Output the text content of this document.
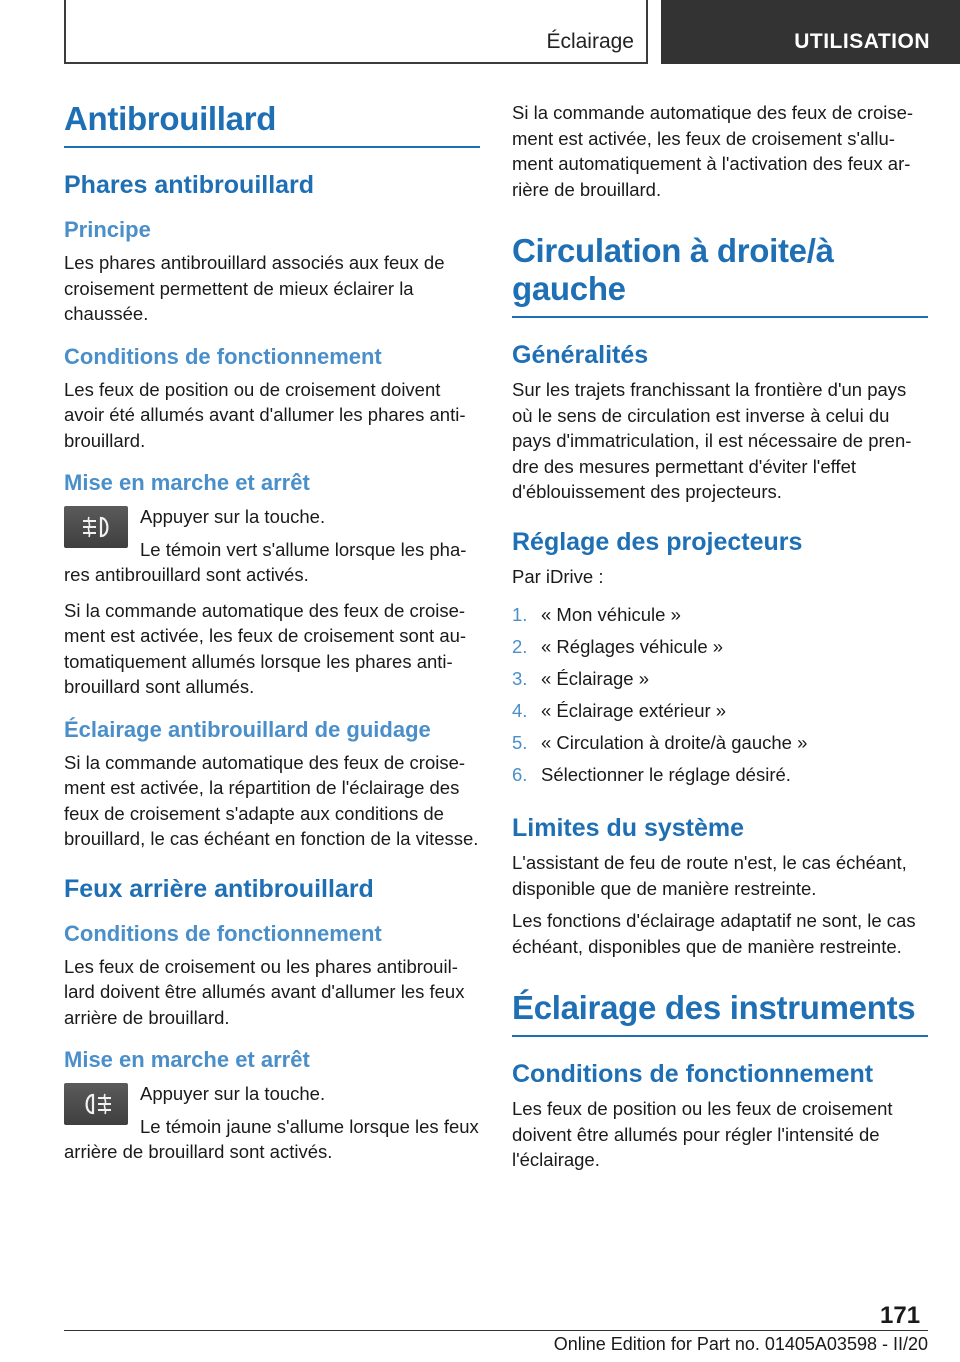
Éclairage	UTILISATION
Antibrouillard
Phares antibrouillard
Principe

Les phares antibrouillard associés aux feux de croisement permettent de mieux éclairer la chaussée.

Conditions de fonctionnement

Les feux de position ou de croisement doivent avoir été allumés avant d'allumer les phares antibrouillard.

Mise en marche et arrêt

Appuyer sur la touche.

Le témoin vert s'allume lorsque les phares antibrouillard sont activés.

Si la commande automatique des feux de croisement est activée, les feux de croisement sont automatiquement allumés lorsque les phares antibrouillard sont allumés.

Éclairage antibrouillard de guidage

Si la commande automatique des feux de croisement est activée, la répartition de l'éclairage des feux de croisement s'adapte aux conditions de brouillard, le cas échéant en fonction de la vitesse.

Feux arrière antibrouillard
Conditions de fonctionnement

Les feux de croisement ou les phares antibrouillard doivent être allumés avant d'allumer les feux arrière de brouillard.

Mise en marche et arrêt

Appuyer sur la touche.

Le témoin jaune s'allume lorsque les feux arrière de brouillard sont activés.

Si la commande automatique des feux de croisement est activée, les feux de croisement s'allument automatiquement à l'activation des feux arrière de brouillard.

Circulation à droite/à gauche
Généralités

Sur les trajets franchissant la frontière d'un pays où le sens de circulation est inverse à celui du pays d'immatriculation, il est nécessaire de prendre des mesures permettant d'éviter l'effet d'éblouissement des projecteurs.

Réglage des projecteurs

Par iDrive :

1. « Mon véhicule »
2. « Réglages véhicule »
3. « Éclairage »
4. « Éclairage extérieur »
5. « Circulation à droite/à gauche »
6. Sélectionner le réglage désiré.
Limites du système

L'assistant de feu de route n'est, le cas échéant, disponible que de manière restreinte.

Les fonctions d'éclairage adaptatif ne sont, le cas échéant, disponibles que de manière restreinte.

Éclairage des instruments
Conditions de fonctionnement

Les feux de position ou les feux de croisement doivent être allumés pour régler l'intensité de l'éclairage.

171
Online Edition for Part no. 01405A03598 - II/20
